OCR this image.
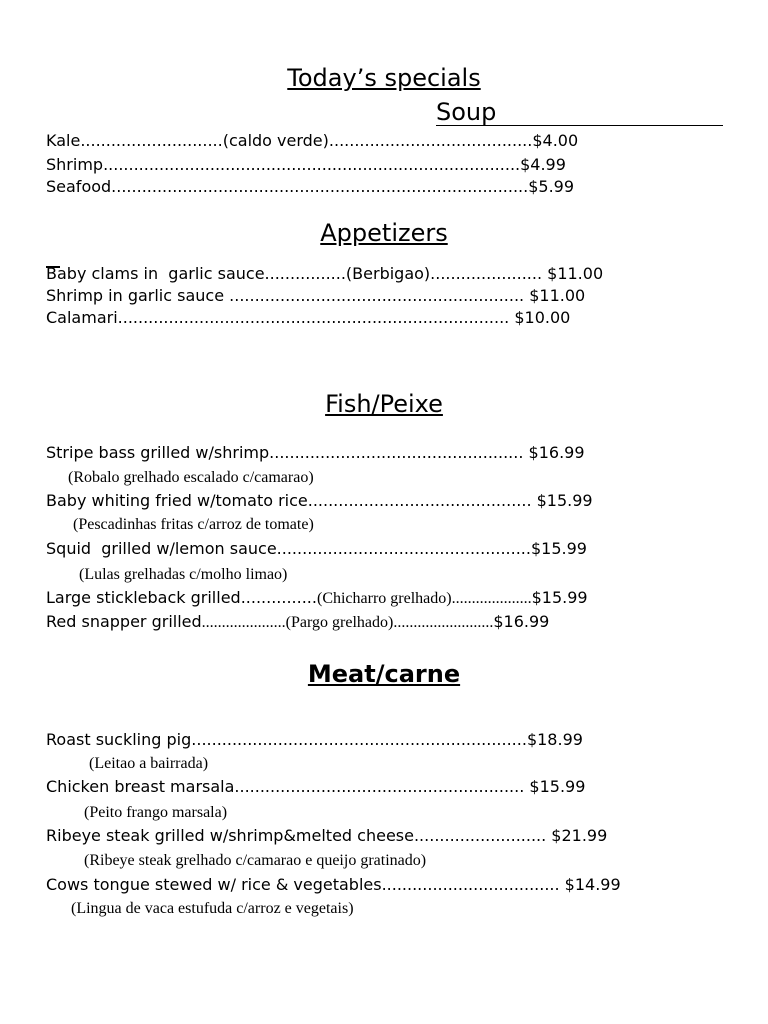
Today’s specials
Soup
Kale............................(caldo verde)........................................$4.00
Shrimp..................................................................................$4.99
Seafood..................................................................................$5.99
Appetizers
Baby clams in  garlic sauce................(Berbigao)...................... $11.00
Shrimp in garlic sauce .......................................................... $11.00
Calamari............................................................................. $10.00
Fish/Peixe
Stripe bass grilled w/shrimp.................................................. $16.99
(Robalo grelhado escalado c/camarao)
Baby whiting fried w/tomato rice............................................ $15.99
(Pescadinhas fritas c/arroz de tomate)
Squid  grilled w/lemon sauce..................................................$15.99
(Lulas grelhadas c/molho limao)
Large stickleback grilled...............(Chicharro grelhado)....................$15.99
Red snapper grilled.....................(Pargo grelhado).........................$16.99
Meat/carne
Roast suckling pig..................................................................$18.99
(Leitao a bairrada)
Chicken breast marsala......................................................... $15.99
(Peito frango marsala)
Ribeye steak grilled w/shrimp&melted cheese.......................... $21.99
(Ribeye steak grelhado c/camarao e queijo gratinado)
Cows tongue stewed w/ rice & vegetables................................... $14.99
(Lingua de vaca estufuda c/arroz e vegetais)
